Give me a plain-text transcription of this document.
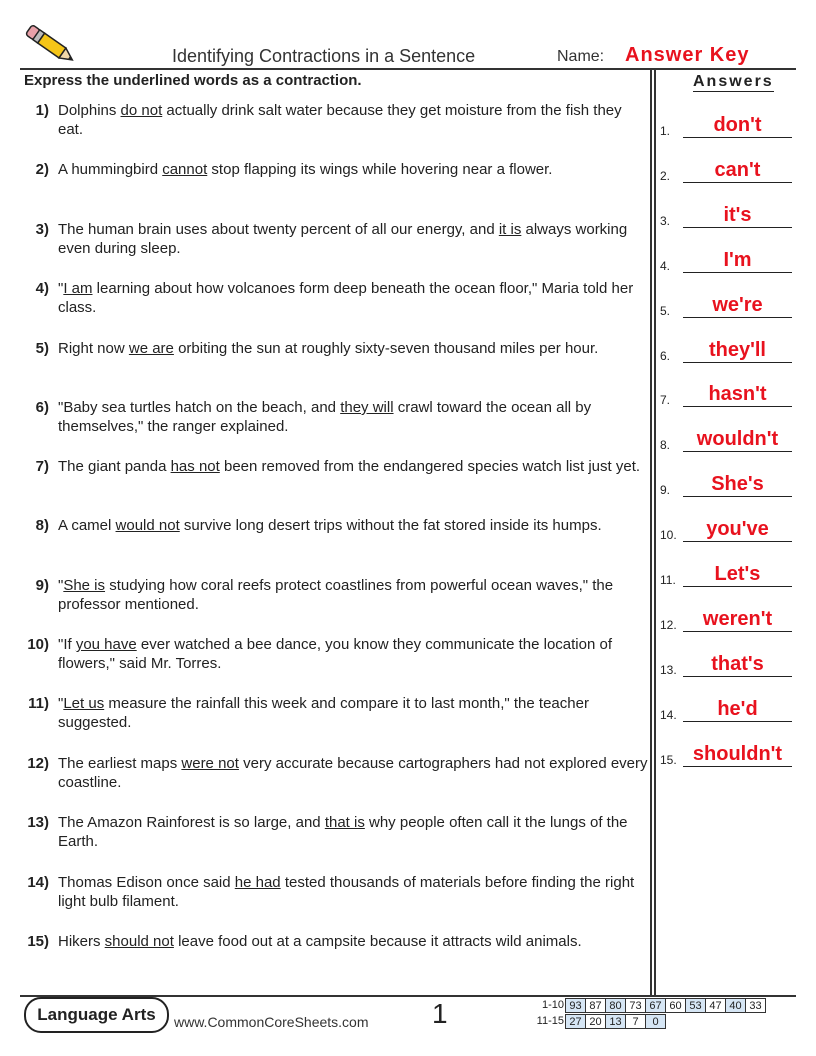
Identifying Contractions in a Sentence	Name: Answer Key
Express the underlined words as a contraction.	Answers
1) Dolphins do not actually drink salt water because they get moisture from the fish they eat.
2) A hummingbird cannot stop flapping its wings while hovering near a flower.
3) The human brain uses about twenty percent of all our energy, and it is always working even during sleep.
4) "I am learning about how volcanoes form deep beneath the ocean floor," Maria told her class.
5) Right now we are orbiting the sun at roughly sixty-seven thousand miles per hour.
6) "Baby sea turtles hatch on the beach, and they will crawl toward the ocean all by themselves," the ranger explained.
7) The giant panda has not been removed from the endangered species watch list just yet.
8) A camel would not survive long desert trips without the fat stored inside its humps.
9) "She is studying how coral reefs protect coastlines from powerful ocean waves," the professor mentioned.
10) "If you have ever watched a bee dance, you know they communicate the location of flowers," said Mr. Torres.
11) "Let us measure the rainfall this week and compare it to last month," the teacher suggested.
12) The earliest maps were not very accurate because cartographers had not explored every coastline.
13) The Amazon Rainforest is so large, and that is why people often call it the lungs of the Earth.
14) Thomas Edison once said he had tested thousands of materials before finding the right light bulb filament.
15) Hikers should not leave food out at a campsite because it attracts wild animals.
1.	don't
2.	can't
3.	it's
4.	I'm
5.	we're
6.	they'll
7.	hasn't
8.	wouldn't
9.	She's
10.	you've
11.	Let's
12.	weren't
13.	that's
14.	he'd
15. shouldn't
Language Arts	www.CommonCoreSheets.com 1	1-10 93 87 80 73 67 60 53 47 40 33
11-15 27 20 13 7	0
